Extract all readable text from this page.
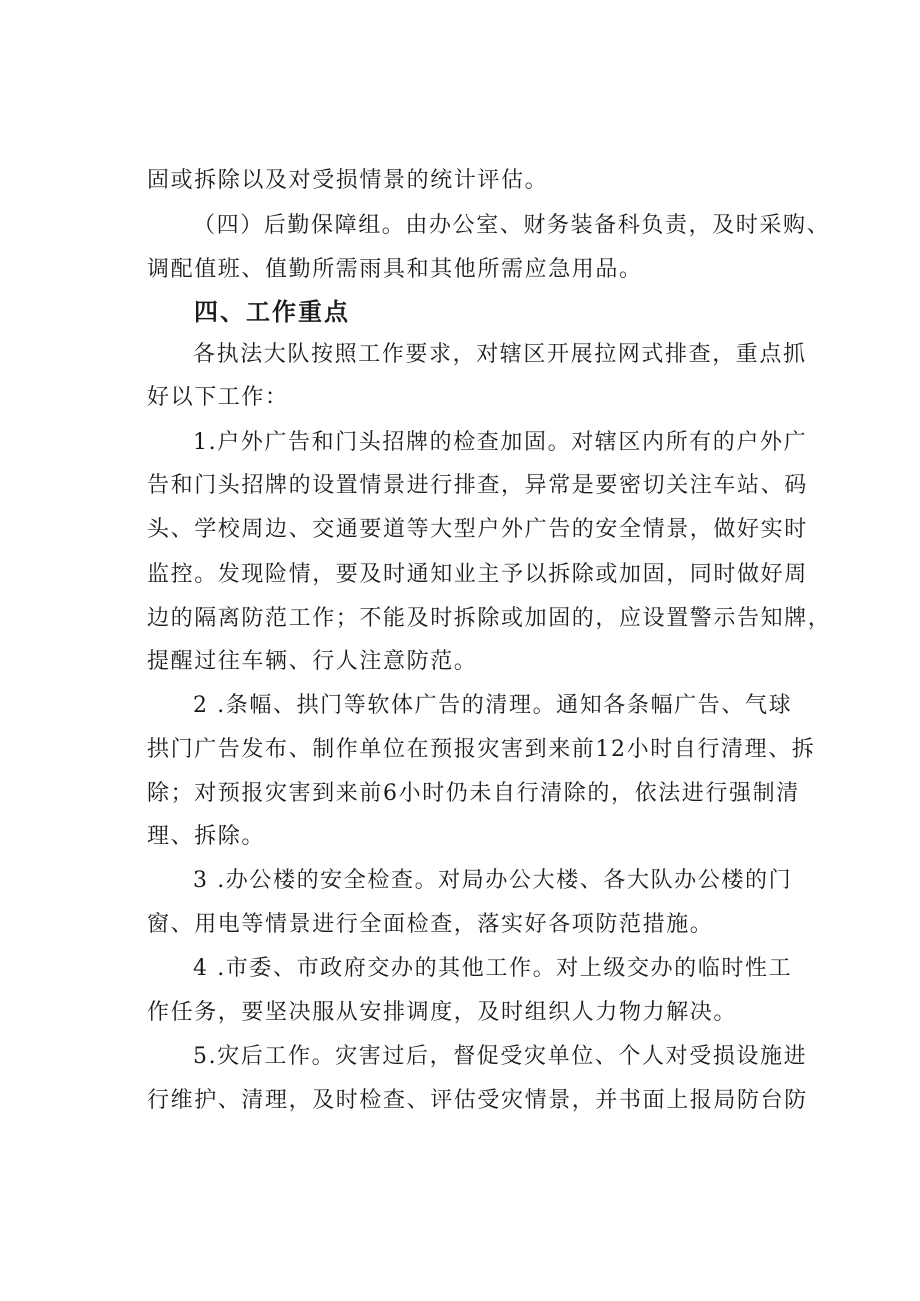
固或拆除以及对受损情景的统计评估。
（四）后勤保障组。由办公室、财务装备科负责，及时采购、
调配值班、值勤所需雨具和其他所需应急用品。
四、工作重点
各执法大队按照工作要求，对辖区开展拉网式排查，重点抓
好以下工作：
1.户外广告和门头招牌的检查加固。对辖区内所有的户外广
告和门头招牌的设置情景进行排查，异常是要密切关注车站、码
头、学校周边、交通要道等大型户外广告的安全情景，做好实时
监控。发现险情，要及时通知业主予以拆除或加固，同时做好周
边的隔离防范工作；不能及时拆除或加固的，应设置警示告知牌，
提醒过往车辆、行人注意防范。
2 .条幅、拱门等软体广告的清理。通知各条幅广告、气球
拱门广告发布、制作单位在预报灾害到来前12小时自行清理、拆
除；对预报灾害到来前6小时仍未自行清除的，依法进行强制清
理、拆除。
3 .办公楼的安全检查。对局办公大楼、各大队办公楼的门
窗、用电等情景进行全面检查，落实好各项防范措施。
4 .市委、市政府交办的其他工作。对上级交办的临时性工
作任务，要坚决服从安排调度，及时组织人力物力解决。
5.灾后工作。灾害过后，督促受灾单位、个人对受损设施进
行维护、清理，及时检查、评估受灾情景，并书面上报局防台防
